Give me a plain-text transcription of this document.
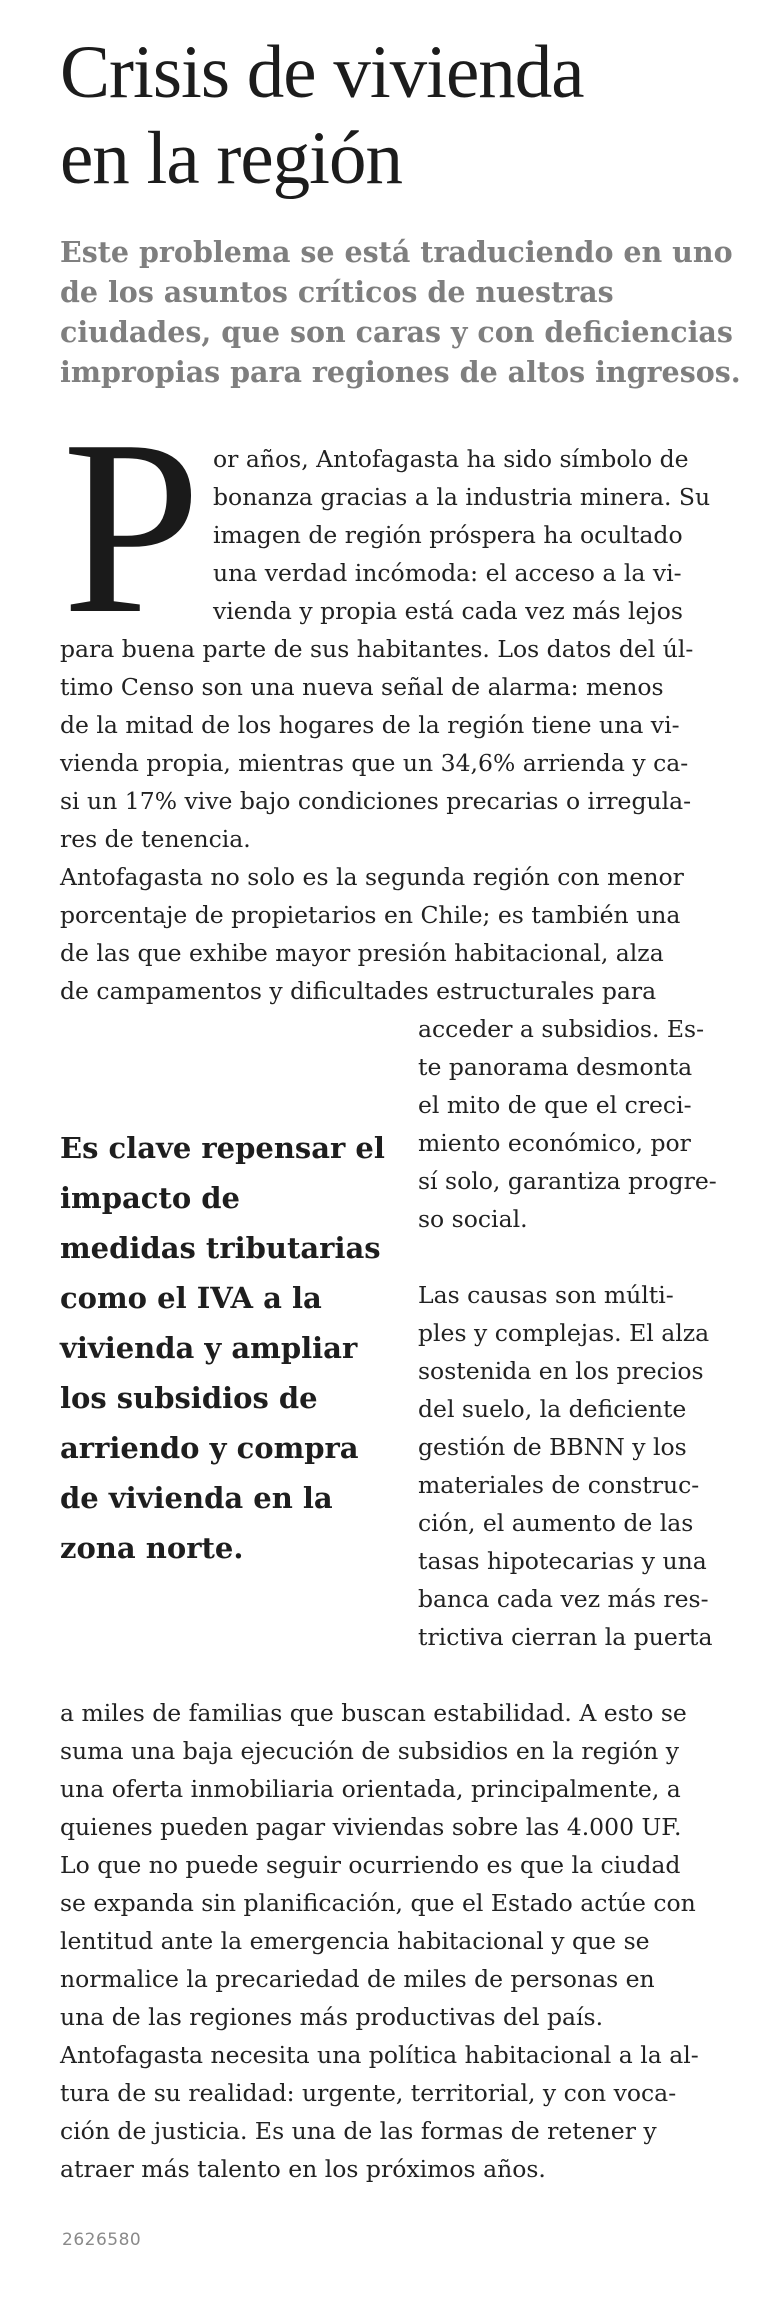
Crisis de vivienda
en la región

Este problema se está traduciendo en uno
de los asuntos críticos de nuestras
ciudades, que son caras y con deficiencias
impropias para regiones de altos ingresos.

P or años, Antofagasta ha sido símbolo de
bonanza gracias a la industria minera. Su
imagen de región próspera ha ocultado
una verdad incómoda: el acceso a la vi-
vienda y propia está cada vez más lejos

para buena parte de sus habitantes. Los datos del úl-
timo Censo son una nueva señal de alarma: menos
de la mitad de los hogares de la región tiene una vi-
vienda propia, mientras que un 34,6% arrienda y ca-
si un 17% vive bajo condiciones precarias o irregula-
res de tenencia.

Antofagasta no solo es la segunda región con menor
porcentaje de propietarios en Chile; es también una
de las que exhibe mayor presión habitacional, alza
de campamentos y dificultades estructurales para

acceder a subsidios. Es-
te panorama desmonta
el mito de que el creci-
miento económico, por
sí solo, garantiza progre-
so social.

Es clave repensar el
impacto de
medidas tributarias
como el IVA a la
vivienda y ampliar
los subsidios de
arriendo y compra
de vivienda en la
zona norte.

Las causas son múlti-
ples y complejas. El alza
sostenida en los precios
del suelo, la deficiente
gestión de BBNN y los
materiales de construc-
ción, el aumento de las
tasas hipotecarias y una
banca cada vez más res-
trictiva cierran la puerta

a miles de familias que buscan estabilidad. A esto se
suma una baja ejecución de subsidios en la región y
una oferta inmobiliaria orientada, principalmente, a
quienes pueden pagar viviendas sobre las 4.000 UF.

Lo que no puede seguir ocurriendo es que la ciudad
se expanda sin planificación, que el Estado actúe con
lentitud ante la emergencia habitacional y que se
normalice la precariedad de miles de personas en
una de las regiones más productivas del país.

Antofagasta necesita una política habitacional a la al-
tura de su realidad: urgente, territorial, y con voca-
ción de justicia. Es una de las formas de retener y
atraer más talento en los próximos años.

2626580
